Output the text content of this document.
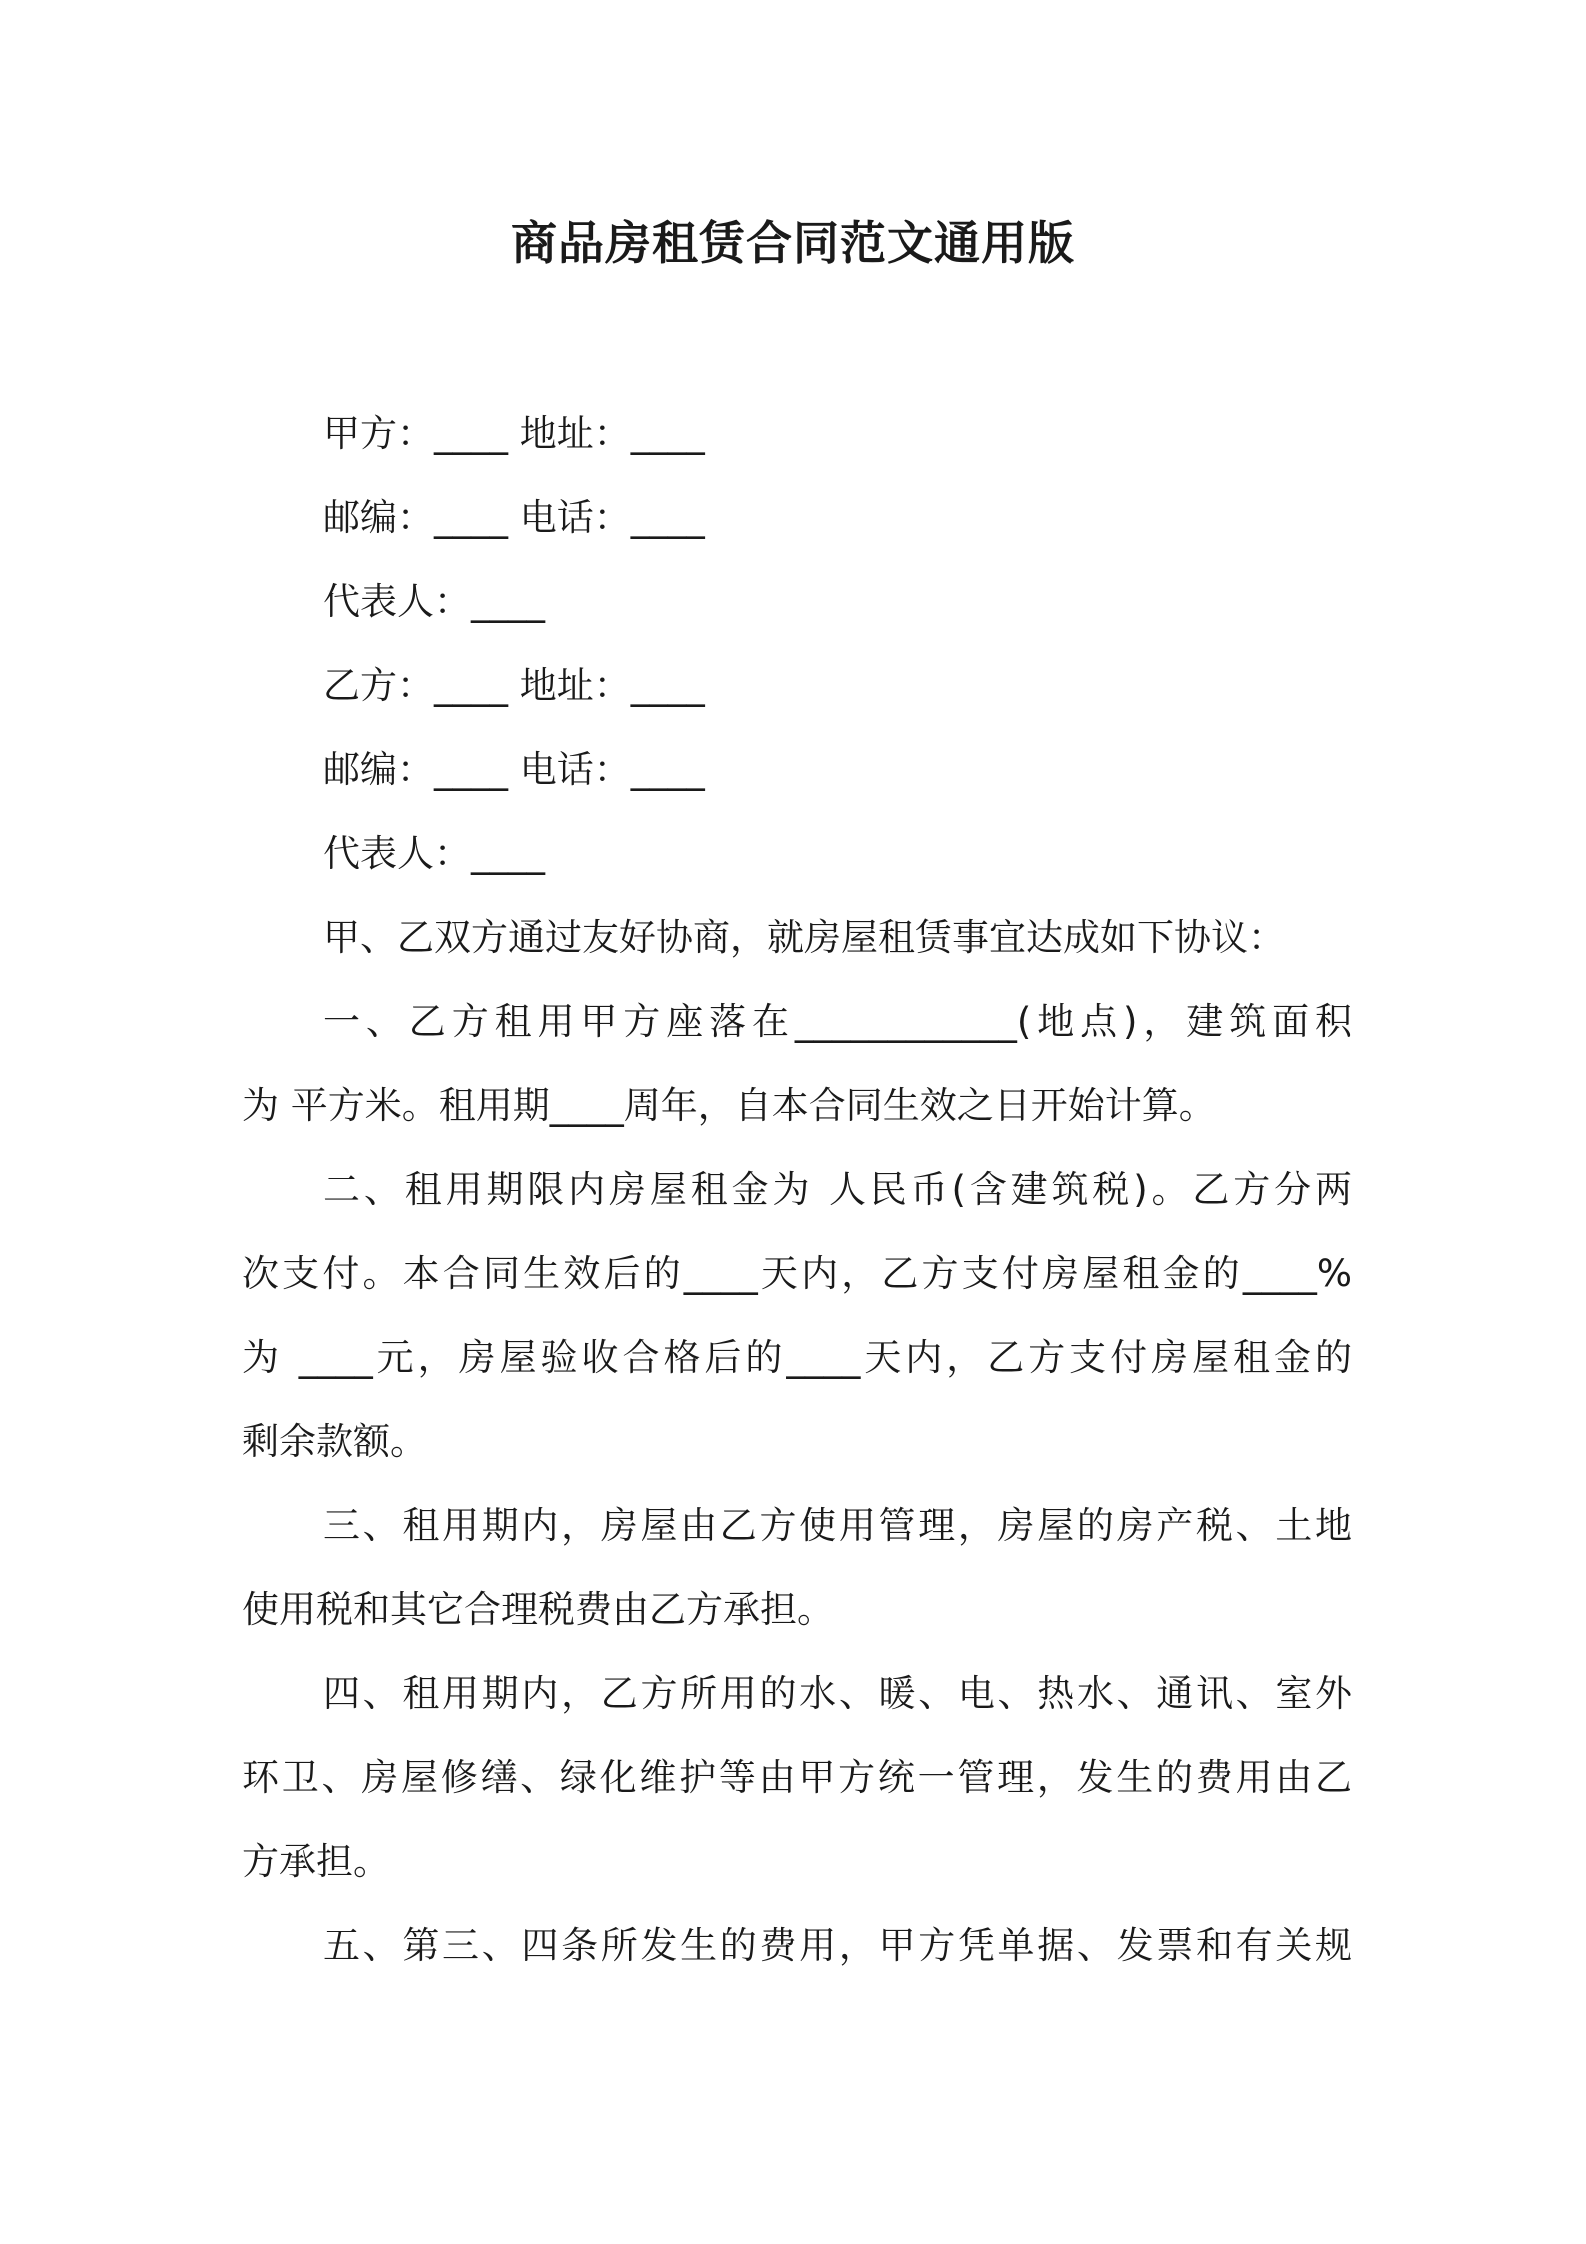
商品房租赁合同范文通用版
甲方：____ 地址：____
邮编：____ 电话：____
代表人：____
乙方：____ 地址：____
邮编：____ 电话：____
代表人：____
甲、乙双方通过友好协商，就房屋租赁事宜达成如下协议：
一、乙方租用甲方座落在____________(地点)，建筑面积
为 平方米。租用期____周年，自本合同生效之日开始计算。
二、租用期限内房屋租金为 人民币(含建筑税)。乙方分两
次支付。本合同生效后的____天内，乙方支付房屋租金的____%
为 ____元，房屋验收合格后的____天内，乙方支付房屋租金的
剩余款额。
三、租用期内，房屋由乙方使用管理，房屋的房产税、土地
使用税和其它合理税费由乙方承担。
四、租用期内，乙方所用的水、暖、电、热水、通讯、室外
环卫、房屋修缮、绿化维护等由甲方统一管理，发生的费用由乙
方承担。
五、第三、四条所发生的费用，甲方凭单据、发票和有关规
